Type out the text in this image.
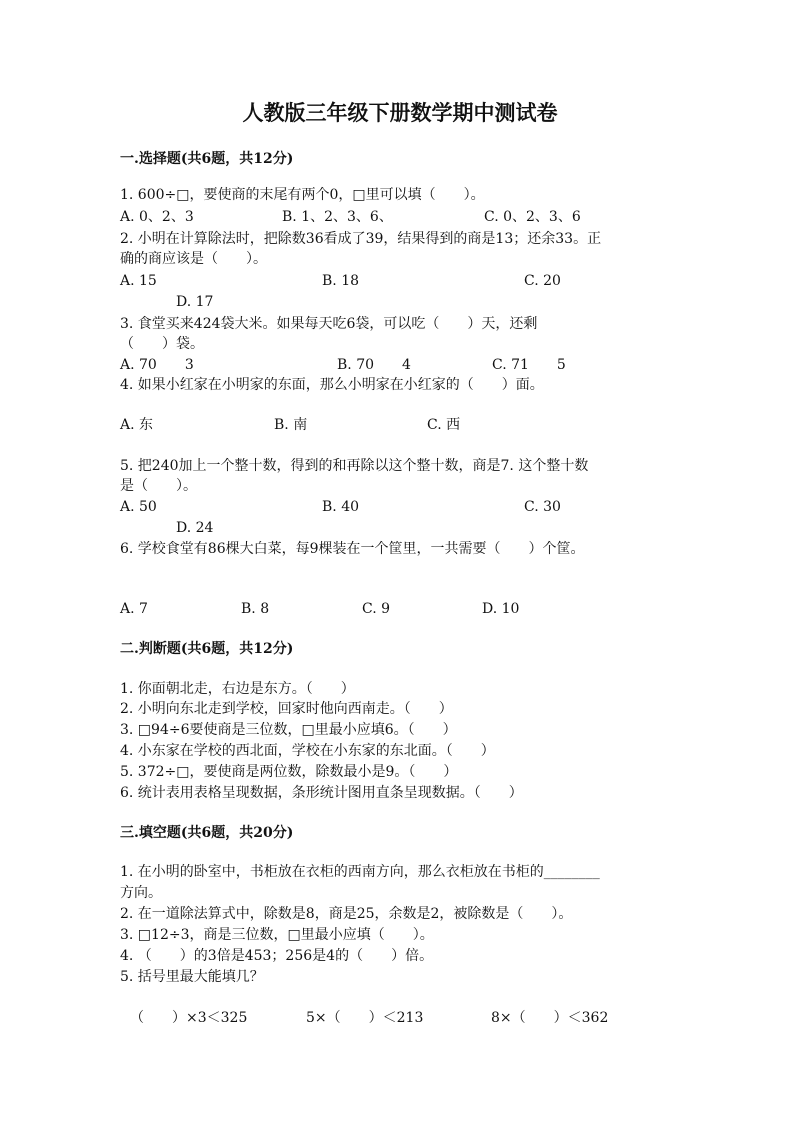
人教版三年级下册数学期中测试卷
一.选择题(共6题，共12分)
1. 600÷□，要使商的末尾有两个0，□里可以填（　　）。
A. 0、2、3	B. 1、2、3、6、	C. 0、2、3、6
2. 小明在计算除法时，把除数36看成了39，结果得到的商是13；还余33。正
确的商应该是（　　）。
A. 15	B. 18	C. 20
D. 17
3. 食堂买来424袋大米。如果每天吃6袋，可以吃（　　）天，还剩
（　　）袋。
A. 70　　3	B. 70　　4	C. 71　　5
4. 如果小红家在小明家的东面，那么小明家在小红家的（　　）面。
A. 东	B. 南	C. 西
5. 把240加上一个整十数，得到的和再除以这个整十数，商是7. 这个整十数
是（　　）。
A. 50	B. 40	C. 30
D. 24
6. 学校食堂有86棵大白菜，每9棵装在一个筐里，一共需要（　　）个筐。
A. 7	B. 8	C. 9	D. 10
二.判断题(共6题，共12分)
1. 你面朝北走，右边是东方。（　　）
2. 小明向东北走到学校，回家时他向西南走。（　　）
3. □94÷6要使商是三位数，□里最小应填6。（　　）
4. 小东家在学校的西北面，学校在小东家的东北面。（　　）
5. 372÷□，要使商是两位数，除数最小是9。（　　）
6. 统计表用表格呈现数据，条形统计图用直条呈现数据。（　　）
三.填空题(共6题，共20分)
1. 在小明的卧室中，书柜放在衣柜的西南方向，那么衣柜放在书柜的________
方向。
2. 在一道除法算式中，除数是8，商是25，余数是2，被除数是（　　）。
3. □12÷3，商是三位数，□里最小应填（　　）。
4. （　　）的3倍是453；256是4的（　　）倍。
5. 括号里最大能填几？
（　　）×3＜325	5×（　　）＜213	8×（　　）＜362
